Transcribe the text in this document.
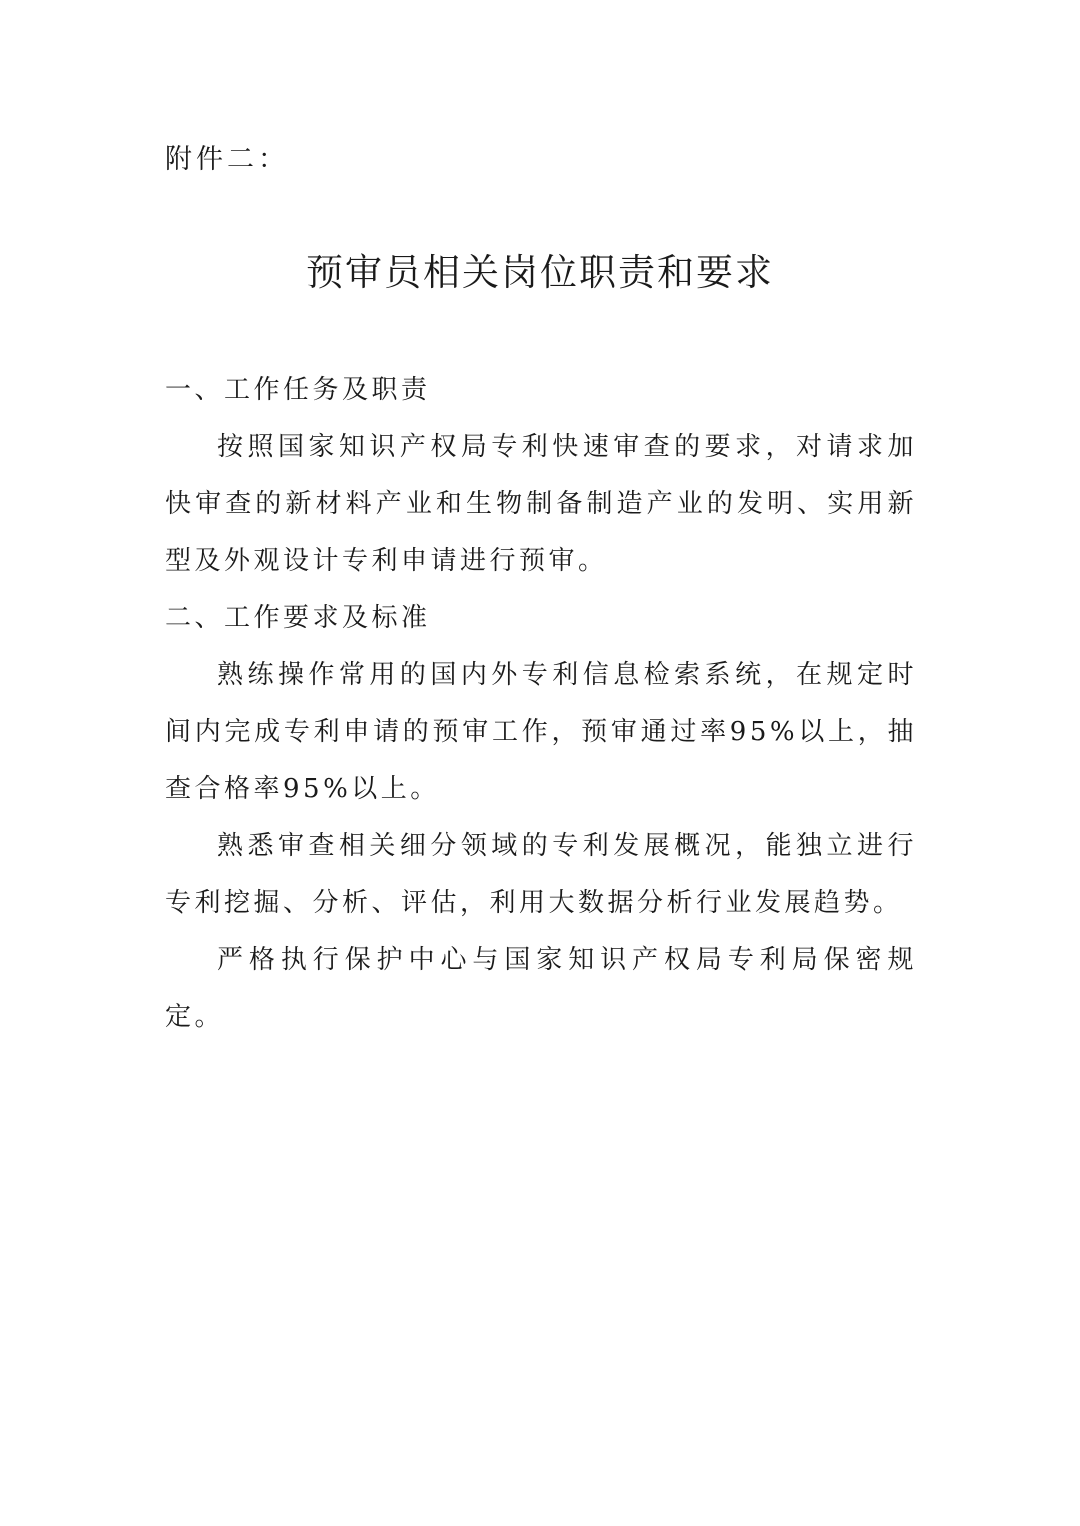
附件二：
预审员相关岗位职责和要求

一、工作任务及职责

按照国家知识产权局专利快速审查的要求，对请求加快审查的新材料产业和生物制备制造产业的发明、实用新型及外观设计专利申请进行预审。

二、工作要求及标准

熟练操作常用的国内外专利信息检索系统，在规定时间内完成专利申请的预审工作，预审通过率95%以上，抽查合格率95%以上。

熟悉审查相关细分领域的专利发展概况，能独立进行专利挖掘、分析、评估，利用大数据分析行业发展趋势。

严格执行保护中心与国家知识产权局专利局保密规定。
